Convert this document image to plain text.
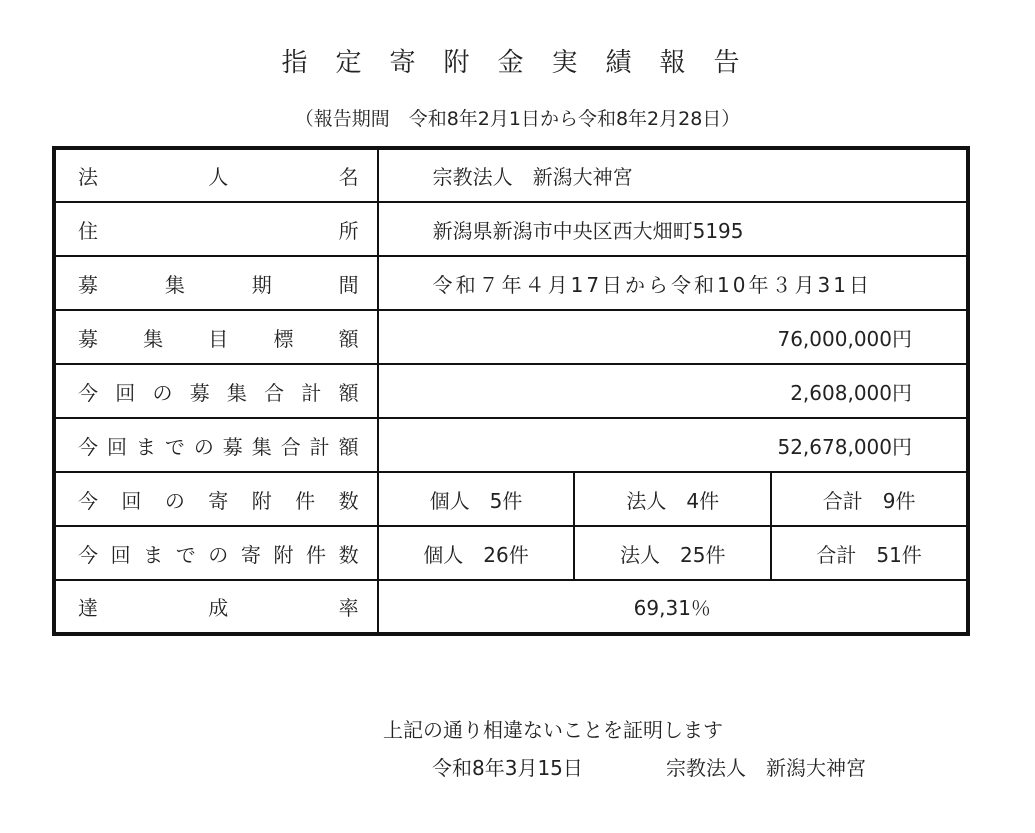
指定寄附金実績報告
（報告期間　令和8年2月1日から令和8年2月28日）
法人名	宗教法人　新潟大神宮		
住所	新潟県新潟市中央区西大畑町5195		
募集期間	令和７年４月17日から令和10年３月31日		
募集目標額	76,000,000円		
今回の募集合計額	2,608,000円		
今回までの募集合計額	52,678,000円		
今回の寄附件数	個人　5件	法人　4件	合計　9件
今回までの寄附件数	個人　26件	法人　25件	合計　51件
達成率	69,31％		
上記の通り相違ないことを証明します
令和8年3月15日	宗教法人　新潟大神宮
